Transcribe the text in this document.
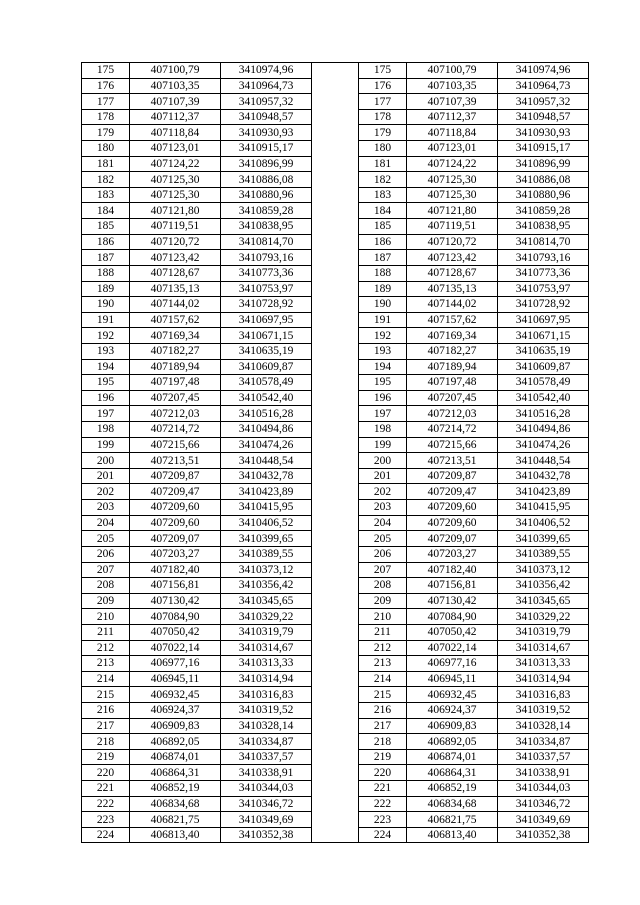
175	407100,79	3410974,96		175	407100,79	3410974,96
176	407103,35	3410964,73		176	407103,35	3410964,73
177	407107,39	3410957,32		177	407107,39	3410957,32
178	407112,37	3410948,57		178	407112,37	3410948,57
179	407118,84	3410930,93		179	407118,84	3410930,93
180	407123,01	3410915,17		180	407123,01	3410915,17
181	407124,22	3410896,99		181	407124,22	3410896,99
182	407125,30	3410886,08		182	407125,30	3410886,08
183	407125,30	3410880,96		183	407125,30	3410880,96
184	407121,80	3410859,28		184	407121,80	3410859,28
185	407119,51	3410838,95		185	407119,51	3410838,95
186	407120,72	3410814,70		186	407120,72	3410814,70
187	407123,42	3410793,16		187	407123,42	3410793,16
188	407128,67	3410773,36		188	407128,67	3410773,36
189	407135,13	3410753,97		189	407135,13	3410753,97
190	407144,02	3410728,92		190	407144,02	3410728,92
191	407157,62	3410697,95		191	407157,62	3410697,95
192	407169,34	3410671,15		192	407169,34	3410671,15
193	407182,27	3410635,19		193	407182,27	3410635,19
194	407189,94	3410609,87		194	407189,94	3410609,87
195	407197,48	3410578,49		195	407197,48	3410578,49
196	407207,45	3410542,40		196	407207,45	3410542,40
197	407212,03	3410516,28		197	407212,03	3410516,28
198	407214,72	3410494,86		198	407214,72	3410494,86
199	407215,66	3410474,26		199	407215,66	3410474,26
200	407213,51	3410448,54		200	407213,51	3410448,54
201	407209,87	3410432,78		201	407209,87	3410432,78
202	407209,47	3410423,89		202	407209,47	3410423,89
203	407209,60	3410415,95		203	407209,60	3410415,95
204	407209,60	3410406,52		204	407209,60	3410406,52
205	407209,07	3410399,65		205	407209,07	3410399,65
206	407203,27	3410389,55		206	407203,27	3410389,55
207	407182,40	3410373,12		207	407182,40	3410373,12
208	407156,81	3410356,42		208	407156,81	3410356,42
209	407130,42	3410345,65		209	407130,42	3410345,65
210	407084,90	3410329,22		210	407084,90	3410329,22
211	407050,42	3410319,79		211	407050,42	3410319,79
212	407022,14	3410314,67		212	407022,14	3410314,67
213	406977,16	3410313,33		213	406977,16	3410313,33
214	406945,11	3410314,94		214	406945,11	3410314,94
215	406932,45	3410316,83		215	406932,45	3410316,83
216	406924,37	3410319,52		216	406924,37	3410319,52
217	406909,83	3410328,14		217	406909,83	3410328,14
218	406892,05	3410334,87		218	406892,05	3410334,87
219	406874,01	3410337,57		219	406874,01	3410337,57
220	406864,31	3410338,91		220	406864,31	3410338,91
221	406852,19	3410344,03		221	406852,19	3410344,03
222	406834,68	3410346,72		222	406834,68	3410346,72
223	406821,75	3410349,69		223	406821,75	3410349,69
224	406813,40	3410352,38		224	406813,40	3410352,38
